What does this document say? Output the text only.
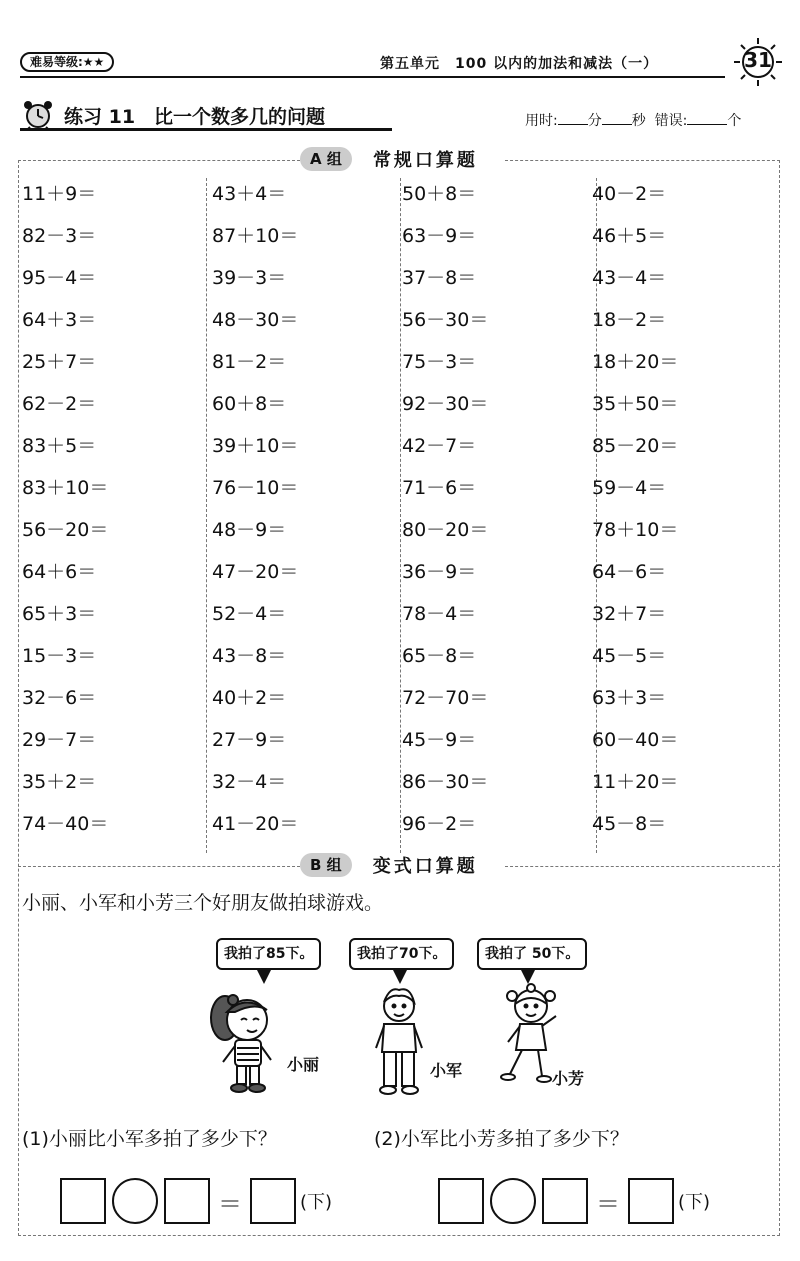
难易等级:★★	第五单元　100 以内的加法和减法（一）	31
练习 11　比一个数多几的问题	用时: 分 秒 错误:	个
A 组 常规口算题
11＋9＝	43＋4＝	50＋8＝	40－2＝
82－3＝	87＋10＝	63－9＝	46＋5＝
95－4＝	39－3＝	37－8＝	43－4＝
64＋3＝	48－30＝	56－30＝	18－2＝
25＋7＝	81－2＝	75－3＝	18＋20＝
62－2＝	60＋8＝	92－30＝	35＋50＝
83＋5＝	39＋10＝	42－7＝	85－20＝
83＋10＝	76－10＝	71－6＝	59－4＝
56－20＝	48－9＝	80－20＝	78＋10＝
64＋6＝	47－20＝	36－9＝	64－6＝
65＋3＝	52－4＝	78－4＝	32＋7＝
15－3＝	43－8＝	65－8＝	45－5＝
32－6＝	40＋2＝	72－70＝	63＋3＝
29－7＝	27－9＝	45－9＝	60－40＝
35＋2＝	32－4＝	86－30＝	11＋20＝
74－40＝	41－20＝	96－2＝	45－8＝
B 组 变式口算题
小丽、小军和小芳三个好朋友做拍球游戏。
我拍了85下。	我拍了70下。	我拍了 50下。
小丽	小军	小芳
(1)小丽比小军多拍了多少下？	(2)小军比小芳多拍了多少下？
＝	(下)	＝	(下)
